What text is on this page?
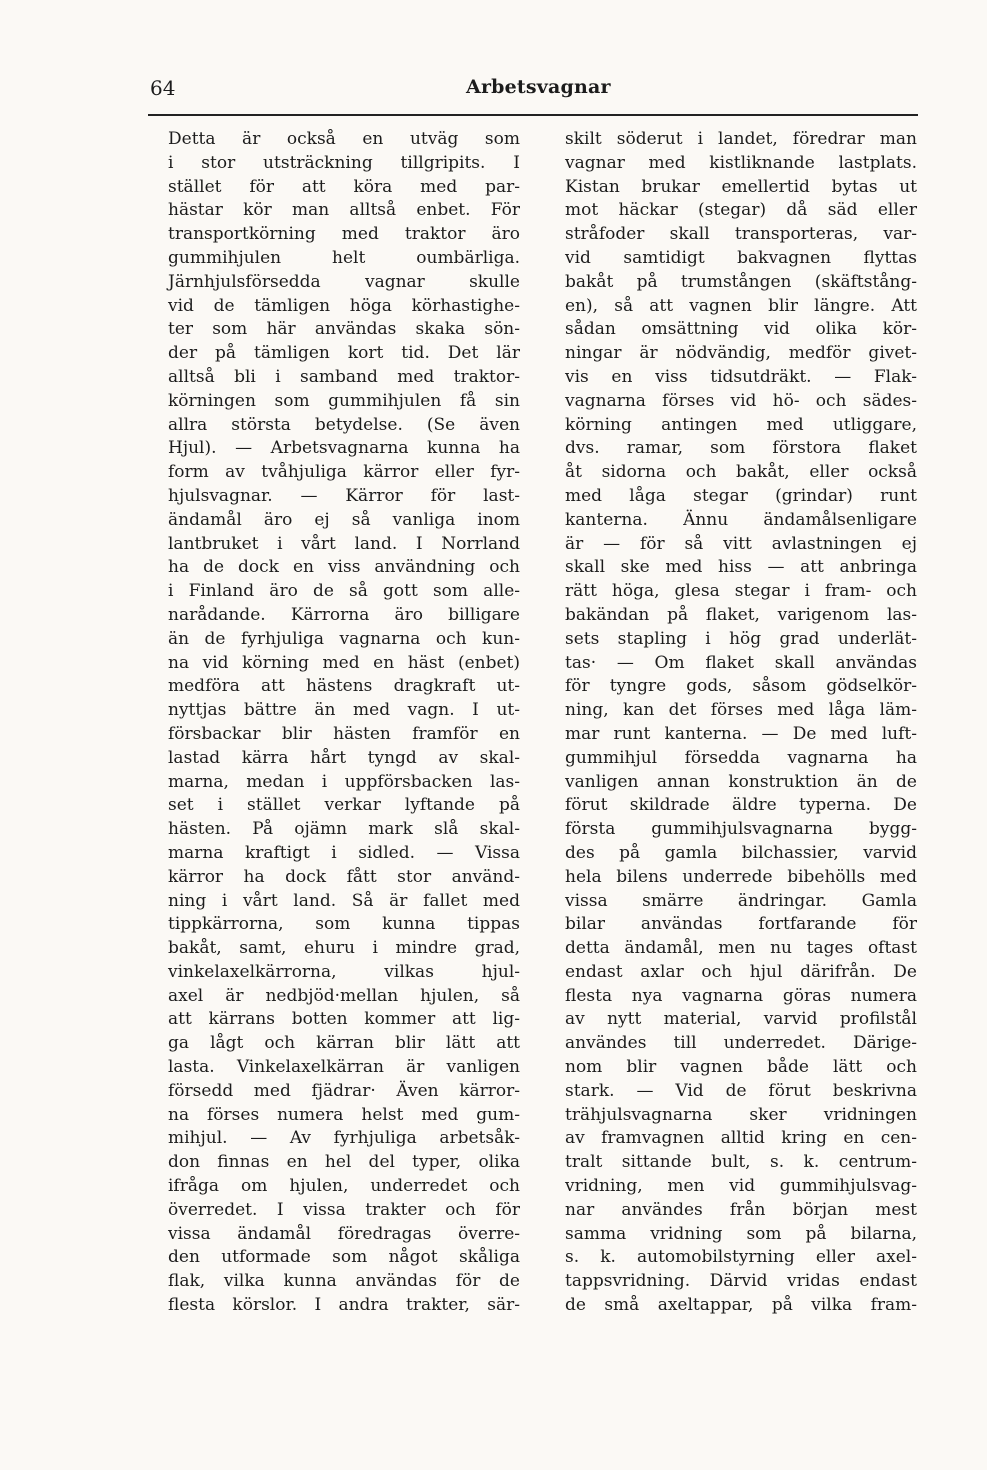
64	Arbetsvagnar
Detta är också en utväg som
i stor utsträckning tillgripits. I
stället för att köra med par-
hästar kör man alltså enbet. För
transportkörning med traktor äro
gummihjulen helt oumbärliga.
Järnhjulsförsedda vagnar skulle
vid de tämligen höga körhastighe-
ter som här användas skaka sön-
der på tämligen kort tid. Det lär
alltså bli i samband med traktor-
körningen som gummihjulen få sin
allra största betydelse. (Se även
Hjul). — Arbetsvagnarna kunna ha
form av tvåhjuliga kärror eller fyr-
hjulsvagnar. — Kärror för last-
ändamål äro ej så vanliga inom
lantbruket i vårt land. I Norrland
ha de dock en viss användning och
i Finland äro de så gott som alle-
narådande. Kärrorna äro billigare
än de fyrhjuliga vagnarna och kun-
na vid körning med en häst (enbet)
medföra att hästens dragkraft ut-
nyttjas bättre än med vagn. I ut-
försbackar blir hästen framför en
lastad kärra hårt tyngd av skal-
marna, medan i uppförsbacken las-
set i stället verkar lyftande på
hästen. På ojämn mark slå skal-
marna kraftigt i sidled. — Vissa
kärror ha dock fått stor använd-
ning i vårt land. Så är fallet med
tippkärrorna, som kunna tippas
bakåt, samt, ehuru i mindre grad,
vinkelaxelkärrorna, vilkas hjul-
axel är nedbjöd·mellan hjulen, så
att kärrans botten kommer att lig-
ga lågt och kärran blir lätt att
lasta. Vinkelaxelkärran är vanligen
försedd med fjädrar· Även kärror-
na förses numera helst med gum-
mihjul. — Av fyrhjuliga arbetsåk-
don finnas en hel del typer, olika
ifråga om hjulen, underredet och
överredet. I vissa trakter och för
vissa ändamål föredragas överre-
den utformade som något skåliga
flak, vilka kunna användas för de
flesta körslor. I andra trakter, sär-
skilt söderut i landet, föredrar man
vagnar med kistliknande lastplats.
Kistan brukar emellertid bytas ut
mot häckar (stegar) då säd eller
stråfoder skall transporteras, var-
vid samtidigt bakvagnen flyttas
bakåt på trumstången (skäftstång-
en), så att vagnen blir längre. Att
sådan omsättning vid olika kör-
ningar är nödvändig, medför givet-
vis en viss tidsutdräkt. — Flak-
vagnarna förses vid hö- och sädes-
körning antingen med utliggare,
dvs. ramar, som förstora flaket
åt sidorna och bakåt, eller också
med låga stegar (grindar) runt
kanterna. Ännu ändamålsenligare
är — för så vitt avlastningen ej
skall ske med hiss — att anbringa
rätt höga, glesa stegar i fram- och
bakändan på flaket, varigenom las-
sets stapling i hög grad underlät-
tas· — Om flaket skall användas
för tyngre gods, såsom gödselkör-
ning, kan det förses med låga läm-
mar runt kanterna. — De med luft-
gummihjul försedda vagnarna ha
vanligen annan konstruktion än de
förut skildrade äldre typerna. De
första gummihjulsvagnarna bygg-
des på gamla bilchassier, varvid
hela bilens underrede bibehölls med
vissa smärre ändringar. Gamla
bilar användas fortfarande för
detta ändamål, men nu tages oftast
endast axlar och hjul därifrån. De
flesta nya vagnarna göras numera
av nytt material, varvid profilstål
användes till underredet. Därige-
nom blir vagnen både lätt och
stark. — Vid de förut beskrivna
trähjulsvagnarna sker vridningen
av framvagnen alltid kring en cen-
tralt sittande bult, s. k. centrum-
vridning, men vid gummihjulsvag-
nar användes från början mest
samma vridning som på bilarna,
s. k. automobilstyrning eller axel-
tappsvridning. Därvid vridas endast
de små axeltappar, på vilka fram-
